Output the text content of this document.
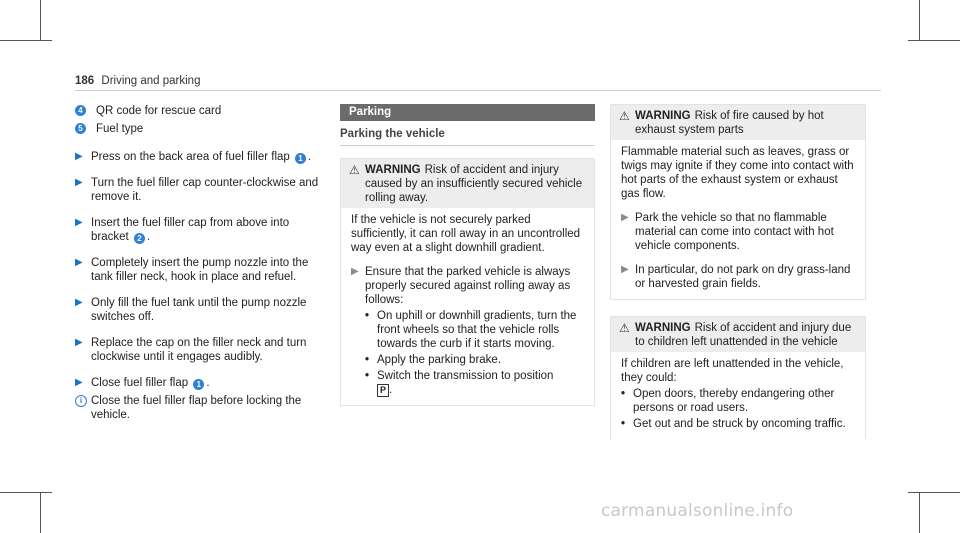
186 Driving and parking
4 QR code for rescue card
5 Fuel type
▶ Press on the back area of fuel filler flap 1 .
▶ Turn the fuel filler cap counter-clockwise and remove it.
▶ Insert the fuel filler cap from above into bracket 2 .
▶ Completely insert the pump nozzle into the tank filler neck, hook in place and refuel.
▶ Only fill the fuel tank until the pump nozzle switches off.
▶ Replace the cap on the filler neck and turn clockwise until it engages audibly.
▶ Close fuel filler flap 1 .
i Close the fuel filler flap before locking the vehicle.
Parking
Parking the vehicle
⚠ WARNING Risk of accident and injury caused by an insufficiently secured vehicle rolling away.
If the vehicle is not securely parked sufficiently, it can roll away in an uncontrolled way even at a slight downhill gradient.
▶ Ensure that the parked vehicle is always properly secured against rolling away as follows:
• On uphill or downhill gradients, turn the front wheels so that the vehicle rolls towards the curb if it starts moving.
• Apply the parking brake.
• Switch the transmission to position
P .
⚠ WARNING Risk of fire caused by hot exhaust system parts
Flammable material such as leaves, grass or twigs may ignite if they come into contact with hot parts of the exhaust system or exhaust gas flow.
▶ Park the vehicle so that no flammable material can come into contact with hot vehicle components.
▶ In particular, do not park on dry grass-land or harvested grain fields.
⚠ WARNING Risk of accident and injury due to children left unattended in the vehicle
If children are left unattended in the vehicle, they could:
• Open doors, thereby endangering other persons or road users.
• Get out and be struck by oncoming traffic.
carmanualsonline.info
